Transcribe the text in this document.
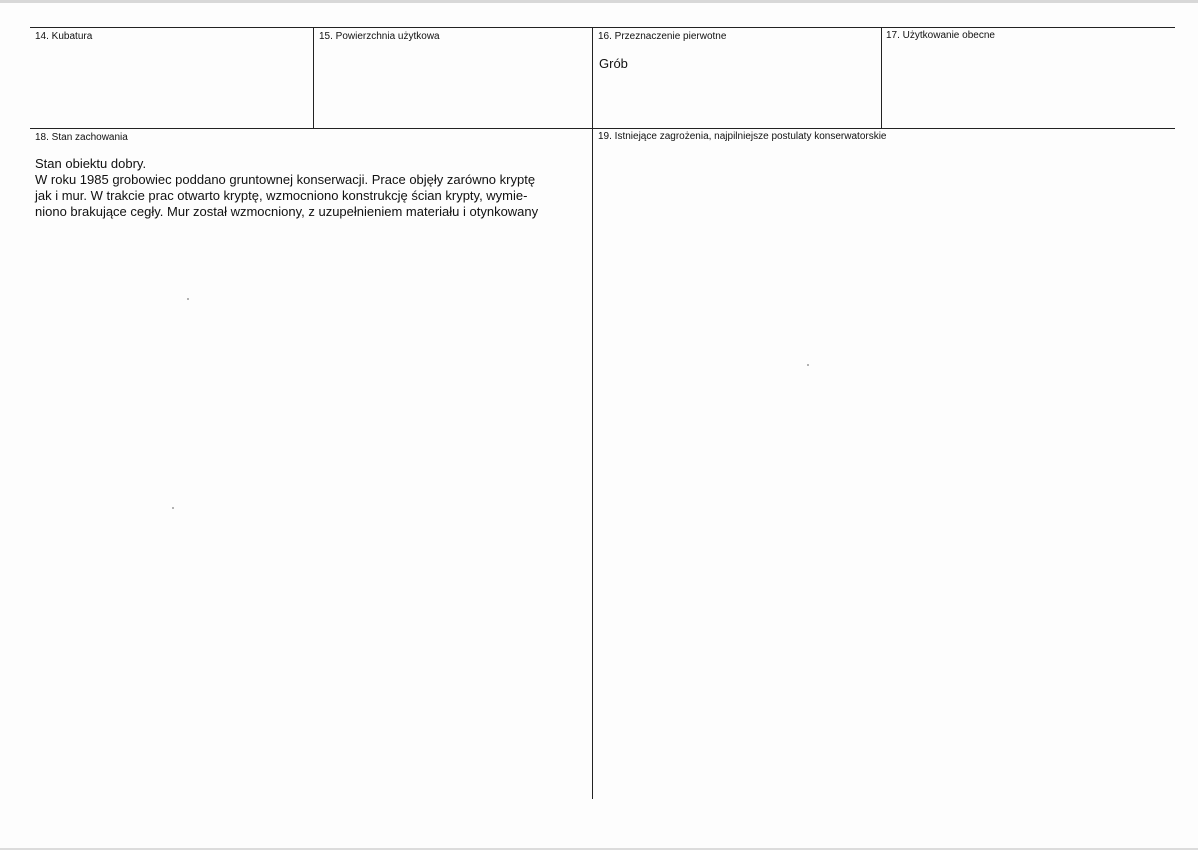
14. Kubatura	15. Powierzchnia użytkowa	16. Przeznaczenie pierwotne
Grób
17. Użytkowanie obecne
18. Stan zachowania
Stan obiektu dobry.
W roku 1985 grobowiec poddano gruntownej konserwacji. Prace objęły zarówno kryptę
jak i mur. W trakcie prac otwarto kryptę, wzmocniono konstrukcję ścian krypty, wymie-
niono brakujące cegły. Mur został wzmocniony, z uzupełnieniem materiału i otynkowany
19. Istniejące zagrożenia, najpilniejsze postulaty konserwatorskie
